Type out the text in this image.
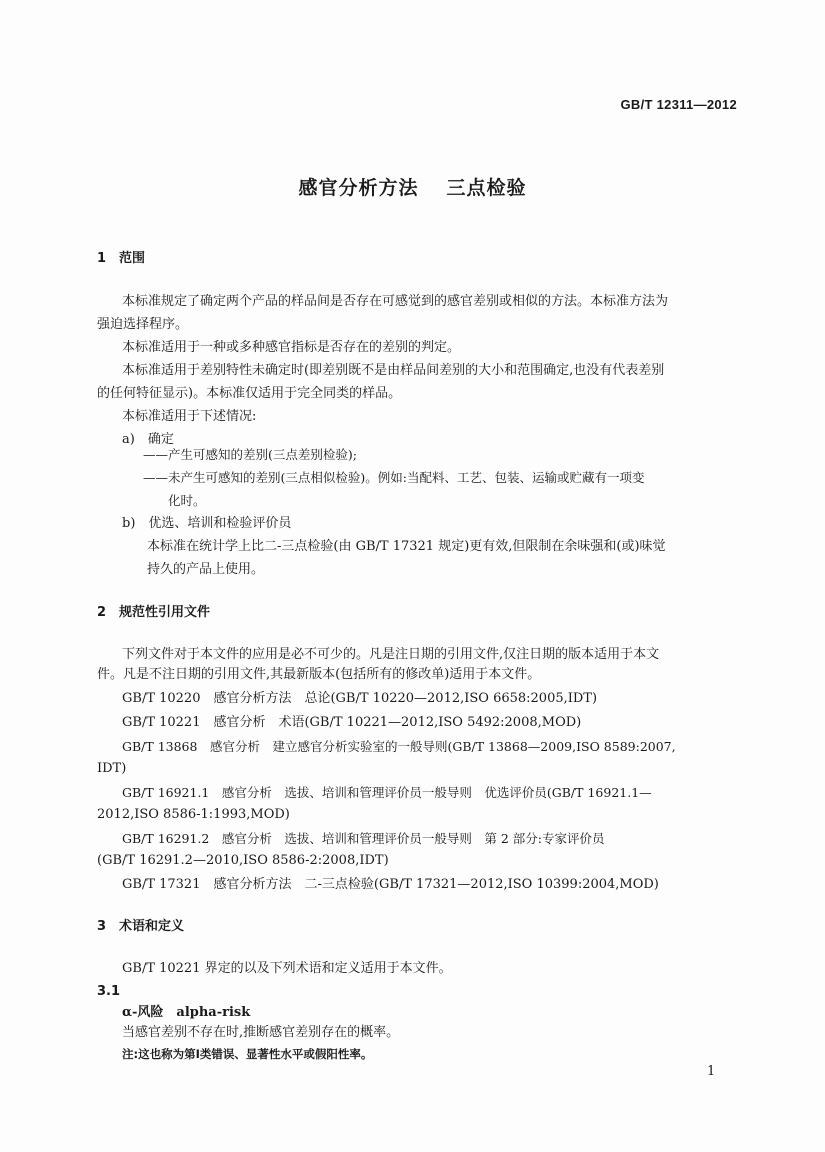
GB/T 12311—2012
感官分析方法 三点检验
1 范围
本标准规定了确定两个产品的样品间是否存在可感觉到的感官差别或相似的方法。本标准方法为
强迫选择程序。
本标准适用于一种或多种感官指标是否存在的差别的判定。
本标准适用于差别特性未确定时(即差别既不是由样品间差别的大小和范围确定,也没有代表差别
的任何特征显示)。本标准仅适用于完全同类的样品。
本标准适用于下述情况:
a)　确定
——产生可感知的差别(三点差别检验);
——未产生可感知的差别(三点相似检验)。例如:当配料、工艺、包装、运输或贮藏有一项变
化时。
b)　优选、培训和检验评价员
本标准在统计学上比二-三点检验(由 GB/T 17321 规定)更有效,但限制在余味强和(或)味觉
持久的产品上使用。
2 规范性引用文件
下列文件对于本文件的应用是必不可少的。凡是注日期的引用文件,仅注日期的版本适用于本文
件。凡是不注日期的引用文件,其最新版本(包括所有的修改单)适用于本文件。
GB/T 10220　感官分析方法　总论(GB/T 10220—2012,ISO 6658:2005,IDT)
GB/T 10221　感官分析　术语(GB/T 10221—2012,ISO 5492:2008,MOD)
GB/T 13868　感官分析　建立感官分析实验室的一般导则(GB/T 13868—2009,ISO 8589:2007,
IDT)
GB/T 16921.1　感官分析　选拔、培训和管理评价员一般导则　优选评价员(GB/T 16921.1—
2012,ISO 8586-1:1993,MOD)
GB/T 16291.2　感官分析　选拔、培训和管理评价员一般导则　第 2 部分:专家评价员
(GB/T 16291.2—2010,ISO 8586-2:2008,IDT)
GB/T 17321　感官分析方法　二-三点检验(GB/T 17321—2012,ISO 10399:2004,MOD)
3 术语和定义
GB/T 10221 界定的以及下列术语和定义适用于本文件。
3.1
α-风险　alpha-risk
当感官差别不存在时,推断感官差别存在的概率。
注:这也称为第Ⅰ类错误、显著性水平或假阳性率。
1
